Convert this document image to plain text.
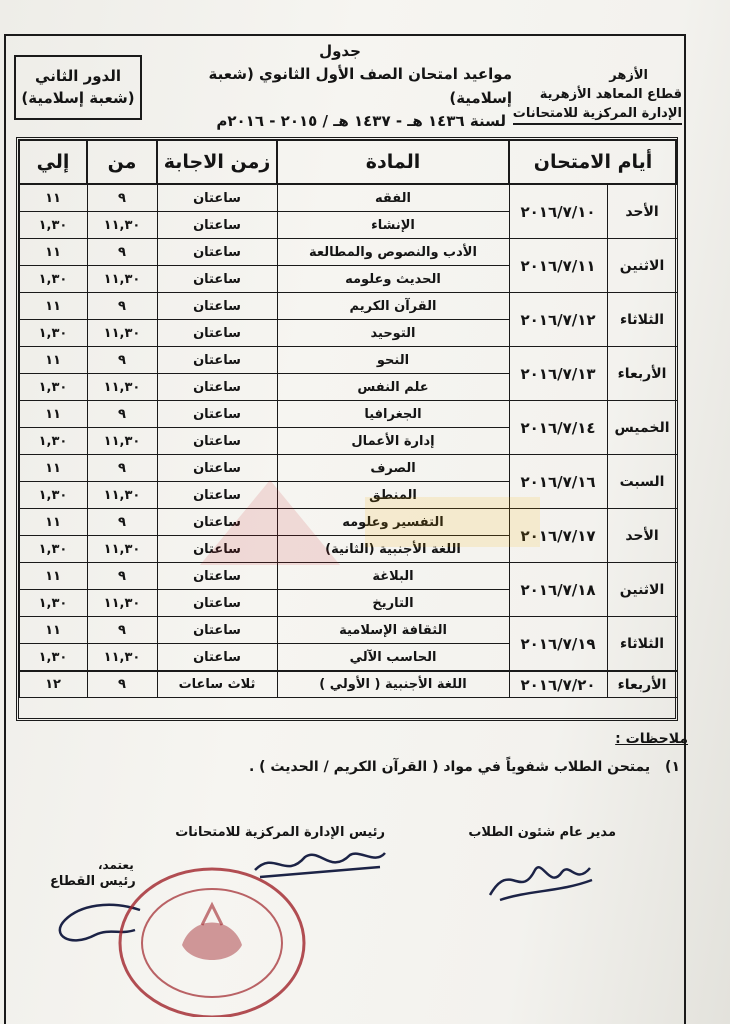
الدور الثاني
(شعبة إسلامية)
جدول
مواعيد امتحان الصف الأول الثانوي (شعبة إسلامية)
لسنة ١٤٣٦ هـ - ١٤٣٧ هـ / ٢٠١٥ - ٢٠١٦م
الأزهر
قطاع المعاهد الأزهرية
الإدارة المركزية للامتحانات
أيام الامتحان		المادة	زمن الاجابة	من	إلي
الأحد	٢٠١٦/٧/١٠	الفقه	ساعتان	٩	١١
		الإنشاء	ساعتان	١١,٣٠	١,٣٠
الاثنين	٢٠١٦/٧/١١	الأدب والنصوص والمطالعة	ساعتان	٩	١١
		الحديث وعلومه	ساعتان	١١,٣٠	١,٣٠
الثلاثاء	٢٠١٦/٧/١٢	القرآن الكريم	ساعتان	٩	١١
		التوحيد	ساعتان	١١,٣٠	١,٣٠
الأربعاء	٢٠١٦/٧/١٣	النحو	ساعتان	٩	١١
		علم النفس	ساعتان	١١,٣٠	١,٣٠
الخميس	٢٠١٦/٧/١٤	الجغرافيا	ساعتان	٩	١١
		إدارة الأعمال	ساعتان	١١,٣٠	١,٣٠
السبت	٢٠١٦/٧/١٦	الصرف	ساعتان	٩	١١
		المنطق	ساعتان	١١,٣٠	١,٣٠
الأحد	٢٠١٦/٧/١٧	التفسير وعلومه	ساعتان	٩	١١
		اللغة الأجنبية (الثانية)	ساعتان	١١,٣٠	١,٣٠
الاثنين	٢٠١٦/٧/١٨	البلاغة	ساعتان	٩	١١
		التاريخ	ساعتان	١١,٣٠	١,٣٠
الثلاثاء	٢٠١٦/٧/١٩	الثقافة الإسلامية	ساعتان	٩	١١
		الحاسب الآلي	ساعتان	١١,٣٠	١,٣٠
الأربعاء	٢٠١٦/٧/٢٠	اللغة الأجنبية ( الأولي )	ثلاث ساعات	٩	١٢
ملاحظات :
١) يمتحن الطلاب شفوياً في مواد ( القرآن الكريم / الحديث ) .
مدير عام شئون الطلاب
رئيس الإدارة المركزية للامتحانات
يعتمد،
رئيس القطاع
